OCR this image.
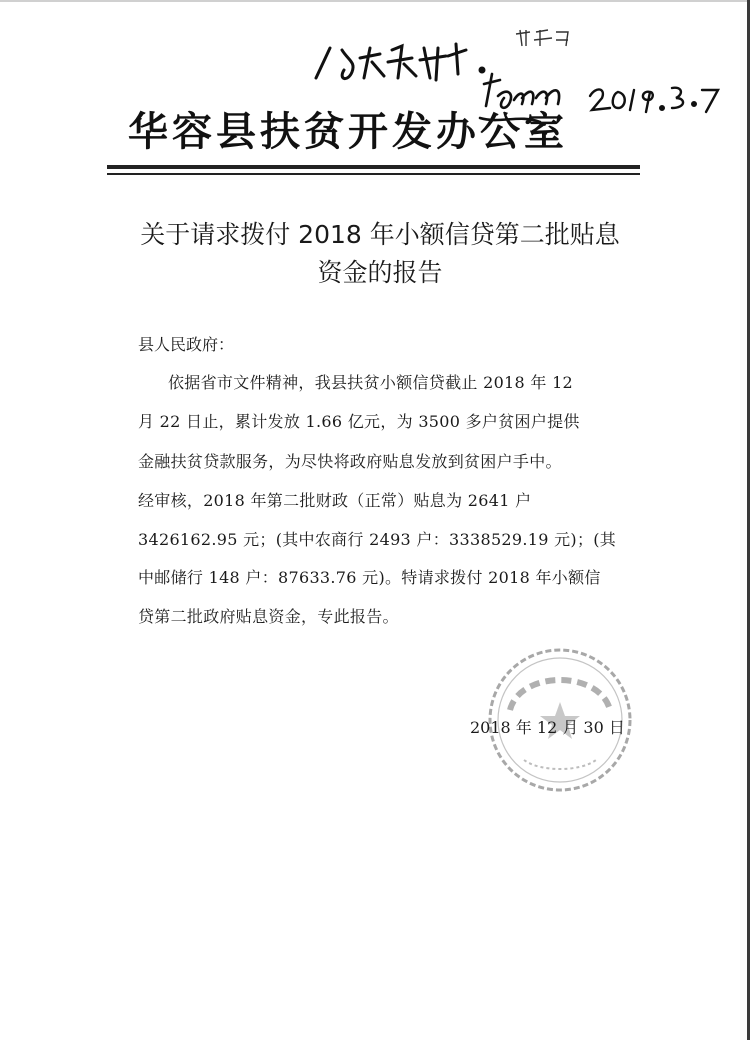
华容县扶贫开发办公室
关于请求拨付 2018 年小额信贷第二批贴息
资金的报告
县人民政府：
依据省市文件精神，我县扶贫小额信贷截止 2018 年 12
月 22 日止，累计发放 1.66 亿元，为 3500 多户贫困户提供
金融扶贫贷款服务，为尽快将政府贴息发放到贫困户手中。
经审核，2018 年第二批财政（正常）贴息为 2641 户
3426162.95 元；(其中农商行 2493 户：3338529.19 元)；(其
中邮储行 148 户：87633.76 元)。特请求拨付 2018 年小额信
贷第二批政府贴息资金，专此报告。
2018 年 12 月 30 日
